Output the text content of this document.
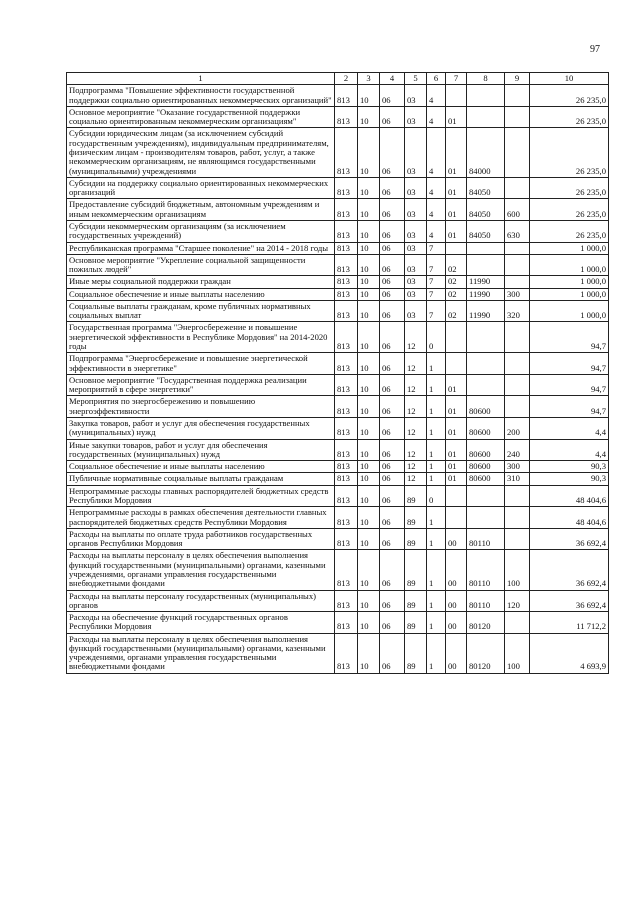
97
1	2	3	4	5	6	7	8	9	10
Подпрограмма "Повышение эффективности государственной поддержки социально ориентированных некоммерческих организаций"	813	10	06	03	4				26 235,0
Основное мероприятие "Оказание государственной поддержки социально ориентированным некоммерческим организациям"	813	10	06	03	4	01			26 235,0
Субсидии юридическим лицам (за исключением субсидий государственным учреждениям), индивидуальным предпринимателям, физическим лицам - производителям товаров, работ, услуг, а также некоммерческим организациям, не являющимся государственными (муниципальными) учреждениями	813	10	06	03	4	01	84000		26 235,0
Субсидии на поддержку социально ориентированных некоммерческих организаций	813	10	06	03	4	01	84050		26 235,0
Предоставление субсидий бюджетным, автономным учреждениям и иным некоммерческим организациям	813	10	06	03	4	01	84050	600	26 235,0
Субсидии некоммерческим организациям (за исключением государственных учреждений)	813	10	06	03	4	01	84050	630	26 235,0
Республиканская программа "Старшее поколение" на 2014 - 2018 годы	813	10	06	03	7				1 000,0
Основное мероприятие "Укрепление социальной защищенности пожилых людей"	813	10	06	03	7	02			1 000,0
Иные меры социальной поддержки граждан	813	10	06	03	7	02	11990		1 000,0
Социальное обеспечение и иные выплаты населению	813	10	06	03	7	02	11990	300	1 000,0
Социальные выплаты гражданам, кроме публичных нормативных социальных выплат	813	10	06	03	7	02	11990	320	1 000,0
Государственная программа "Энергосбережение и повышение энергетической эффективности в Республике Мордовия" на 2014-2020 годы	813	10	06	12	0				94,7
Подпрограмма "Энергосбережение и повышение энергетической эффективности в энергетике"	813	10	06	12	1				94,7
Основное мероприятие "Государственная поддержка реализации мероприятий в сфере энергетики"	813	10	06	12	1	01			94,7
Мероприятия по энергосбережению и повышению энергоэффективности	813	10	06	12	1	01	80600		94,7
Закупка товаров, работ и услуг для обеспечения государственных (муниципальных) нужд	813	10	06	12	1	01	80600	200	4,4
Иные закупки товаров, работ и услуг для обеспечения государственных (муниципальных) нужд	813	10	06	12	1	01	80600	240	4,4
Социальное обеспечение и иные выплаты населению	813	10	06	12	1	01	80600	300	90,3
Публичные нормативные социальные выплаты гражданам	813	10	06	12	1	01	80600	310	90,3
Непрограммные расходы главных распорядителей бюджетных средств Республики Мордовия	813	10	06	89	0				48 404,6
Непрограммные расходы в рамках обеспечения деятельности главных распорядителей бюджетных средств Республики Мордовия	813	10	06	89	1				48 404,6
Расходы на выплаты по оплате труда работников государственных органов Республики Мордовия	813	10	06	89	1	00	80110		36 692,4
Расходы на выплаты персоналу в целях обеспечения выполнения функций государственными (муниципальными) органами, казенными учреждениями, органами управления государственными внебюджетными фондами	813	10	06	89	1	00	80110	100	36 692,4
Расходы на выплаты персоналу государственных (муниципальных) органов	813	10	06	89	1	00	80110	120	36 692,4
Расходы на обеспечение функций государственных органов Республики Мордовия	813	10	06	89	1	00	80120		11 712,2
Расходы на выплаты персоналу в целях обеспечения выполнения функций государственными (муниципальными) органами, казенными учреждениями, органами управления государственными внебюджетными фондами	813	10	06	89	1	00	80120	100	4 693,9
